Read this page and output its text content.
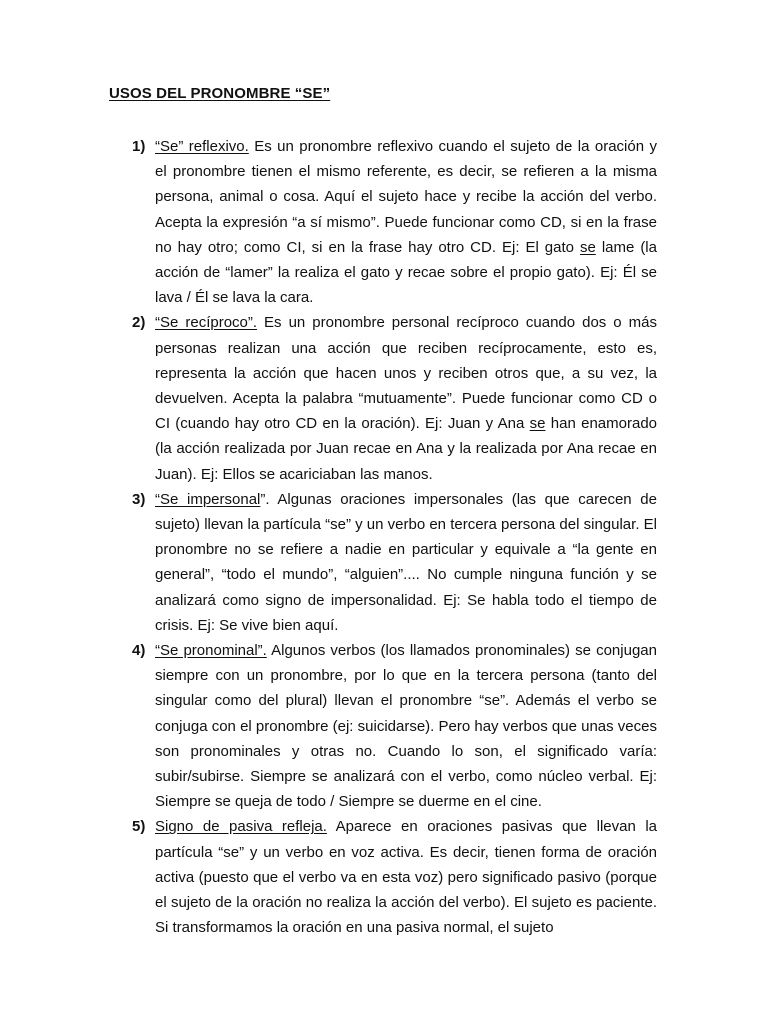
USOS DEL PRONOMBRE “SE”
1) “Se” reflexivo. Es un pronombre reflexivo cuando el sujeto de la oración y el pronombre tienen el mismo referente, es decir, se refieren a la misma persona, animal o cosa. Aquí el sujeto hace y recibe la acción del verbo. Acepta la expresión “a sí mismo”. Puede funcionar como CD, si en la frase no hay otro; como CI, si en la frase hay otro CD. Ej: El gato se lame (la acción de “lamer” la realiza el gato y recae sobre el propio gato). Ej: Él se lava / Él se lava la cara.

2) “Se recíproco”. Es un pronombre personal recíproco cuando dos o más personas realizan una acción que reciben recíprocamente, esto es, representa la acción que hacen unos y reciben otros que, a su vez, la devuelven. Acepta la palabra “mutuamente”. Puede funcionar como CD o CI (cuando hay otro CD en la oración). Ej: Juan y Ana se han enamorado (la acción realizada por Juan recae en Ana y la realizada por Ana recae en Juan). Ej: Ellos se acariciaban las manos.

3) “Se impersonal”. Algunas oraciones impersonales (las que carecen de sujeto) llevan la partícula “se” y un verbo en tercera persona del singular. El pronombre no se refiere a nadie en particular y equivale a “la gente en general”, “todo el mundo”, “alguien”.... No cumple ninguna función y se analizará como signo de impersonalidad. Ej: Se habla todo el tiempo de crisis. Ej: Se vive bien aquí.

4) “Se pronominal”. Algunos verbos (los llamados pronominales) se conjugan siempre con un pronombre, por lo que en la tercera persona (tanto del singular como del plural) llevan el pronombre “se”. Además el verbo se conjuga con el pronombre (ej: suicidarse). Pero hay verbos que unas veces son pronominales y otras no. Cuando lo son, el significado varía: subir/subirse. Siempre se analizará con el verbo, como núcleo verbal. Ej: Siempre se queja de todo / Siempre se duerme en el cine.

5) Signo de pasiva refleja. Aparece en oraciones pasivas que llevan la partícula “se” y un verbo en voz activa. Es decir, tienen forma de oración activa (puesto que el verbo va en esta voz) pero significado pasivo (porque el sujeto de la oración no realiza la acción del verbo). El sujeto es paciente. Si transformamos la oración en una pasiva normal, el sujeto
